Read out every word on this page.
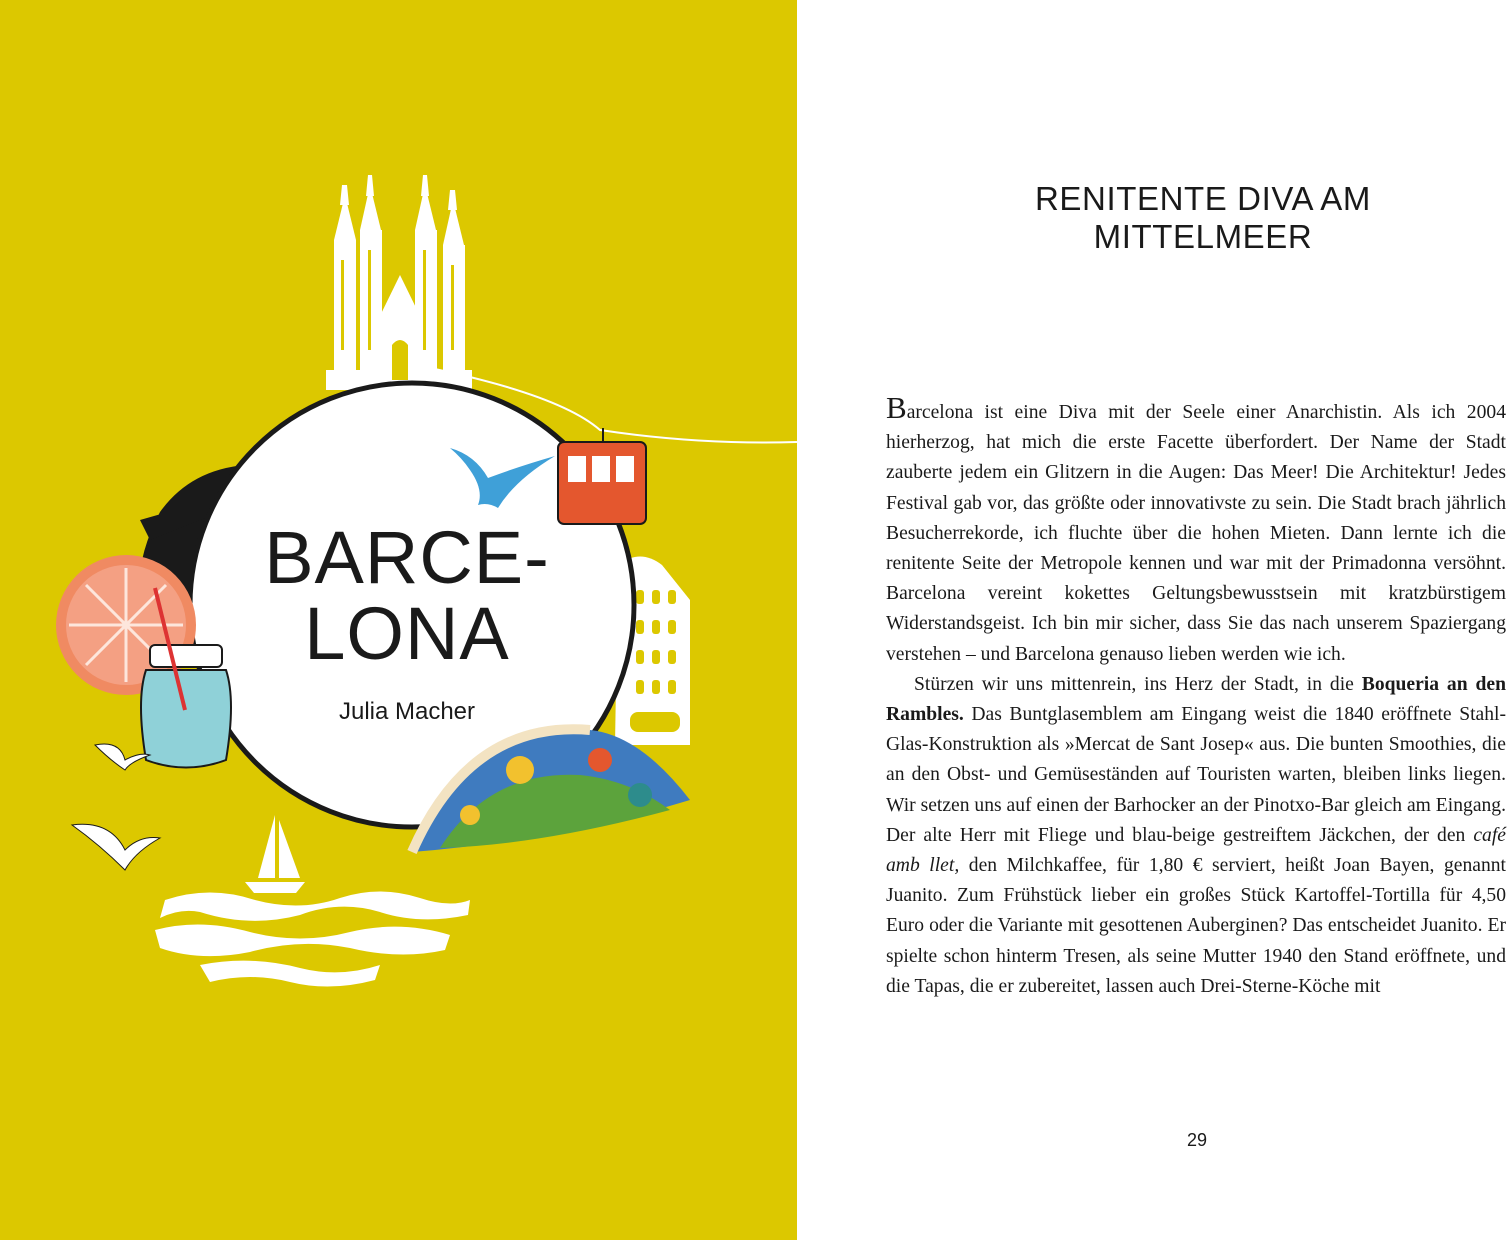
BARCE-
LONA
Julia Macher
RENITENTE DIVA AM MITTELMEER

Barcelona ist eine Diva mit der Seele einer Anarchistin. Als ich 2004 hierherzog, hat mich die erste Facette überfordert. Der Name der Stadt zauberte jedem ein Glitzern in die Augen: Das Meer! Die Architektur! Jedes Festival gab vor, das größte oder innovativste zu sein. Die Stadt brach jährlich Besucherrekorde, ich fluchte über die hohen Mieten. Dann lernte ich die renitente Seite der Metropole kennen und war mit der Primadonna versöhnt. Barcelona vereint kokettes Geltungsbewusstsein mit kratzbürstigem Widerstandsgeist. Ich bin mir sicher, dass Sie das nach unserem Spaziergang verstehen – und Barcelona genauso lieben werden wie ich.

Stürzen wir uns mittenrein, ins Herz der Stadt, in die Boqueria an den Rambles. Das Buntglasemblem am Eingang weist die 1840 eröffnete Stahl-Glas-Konstruktion als »Mercat de Sant Josep« aus. Die bunten Smoothies, die an den Obst- und Gemüseständen auf Touristen warten, bleiben links liegen. Wir setzen uns auf einen der Barhocker an der Pinotxo-Bar gleich am Eingang. Der alte Herr mit Fliege und blau-beige gestreiftem Jäckchen, der den café amb llet, den Milchkaffee, für 1,80 € serviert, heißt Joan Bayen, genannt Juanito. Zum Frühstück lieber ein großes Stück Kartoffel-Tortilla für 4,50 Euro oder die Variante mit gesottenen Auberginen? Das entscheidet Juanito. Er spielte schon hinterm Tresen, als seine Mutter 1940 den Stand eröffnete, und die Tapas, die er zubereitet, lassen auch Drei-Sterne-Köche mit

29
